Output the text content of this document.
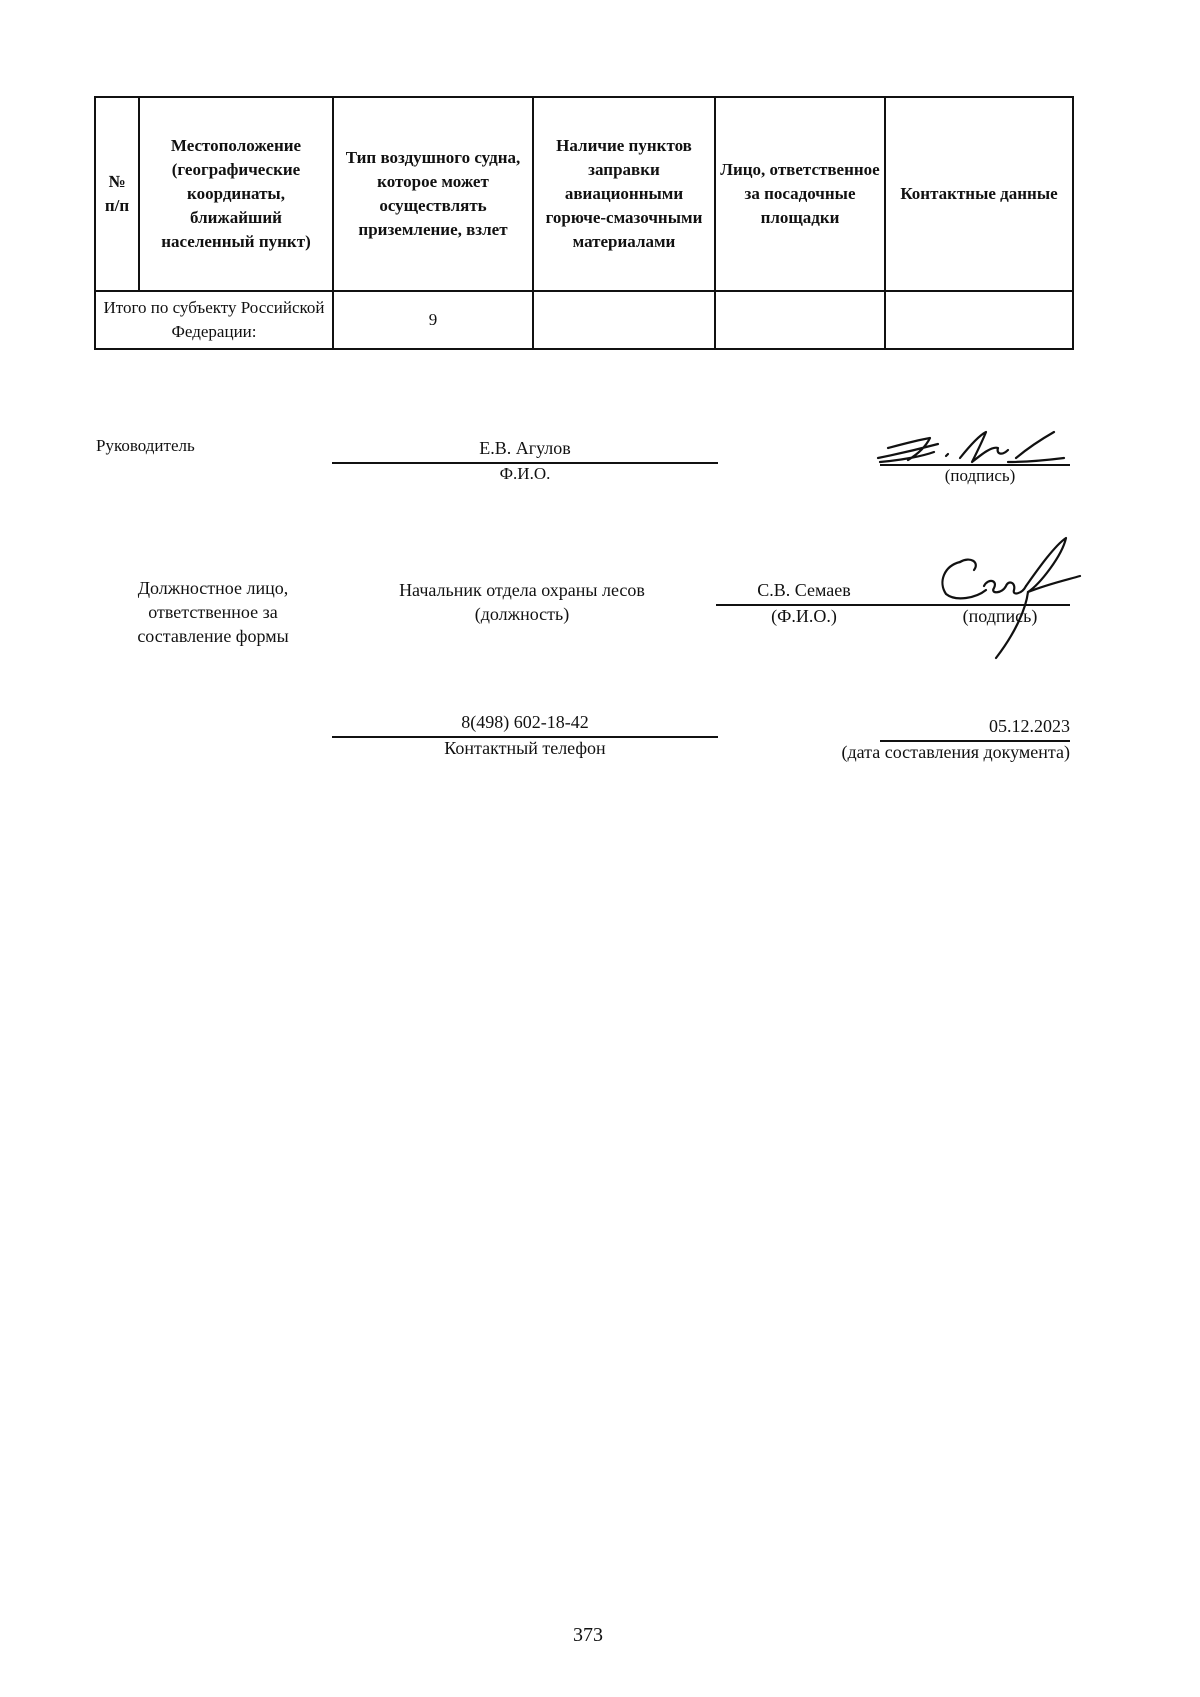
№ п/п	Местоположение (географические координаты, ближайший населенный пункт)	Тип воздушного судна, которое может осуществлять приземление, взлет	Наличие пунктов заправки авиационными горюче-смазочными материалами	Лицо, ответственное за посадочные площадки	Контактные данные
Итого по субъекту Российской Федерации:		9			
Руководитель	Е.В. Агулов
Ф.И.О.	(подпись)
Должностное лицо, ответственное за составление формы
Начальник отдела охраны лесов
(должность)
С.В. Семаев
(Ф.И.О.)	(подпись)
8(498) 602-18-42
Контактный телефон
05.12.2023
(дата составления документа)
373
